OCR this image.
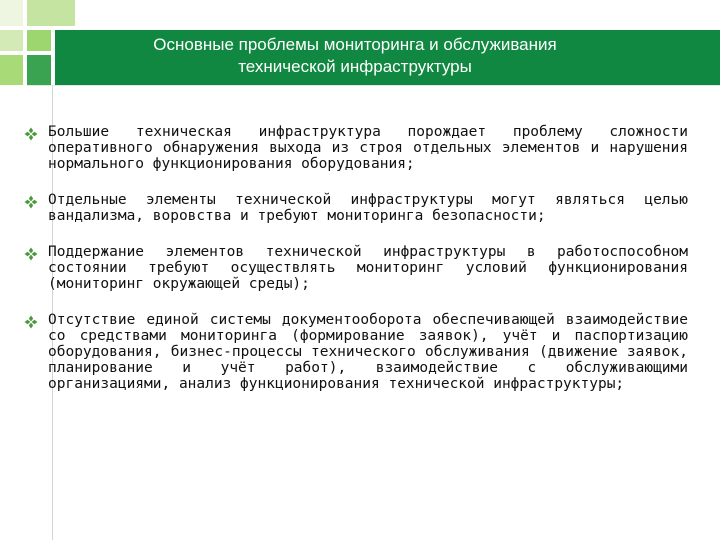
Основные проблемы мониторинга и обслуживания
технической инфраструктуры
Большие техническая инфраструктура порождает проблему сложности оперативного обнаружения выхода из строя отдельных элементов и нарушения нормального функционирования оборудования;
Отдельные элементы технической инфраструктуры могут являться целью вандализма, воровства и требуют мониторинга безопасности;
Поддержание элементов технической инфраструктуры в работоспособном состоянии требуют осуществлять мониторинг условий функционирования (мониторинг окружающей среды);
Отсутствие единой системы документооборота обеспечивающей взаимодействие со средствами мониторинга (формирование заявок), учёт и паспортизацию оборудования, бизнес-процессы технического обслуживания (движение заявок, планирование и учёт работ), взаимодействие с обслуживающими организациями, анализ функционирования технической инфраструктуры;
